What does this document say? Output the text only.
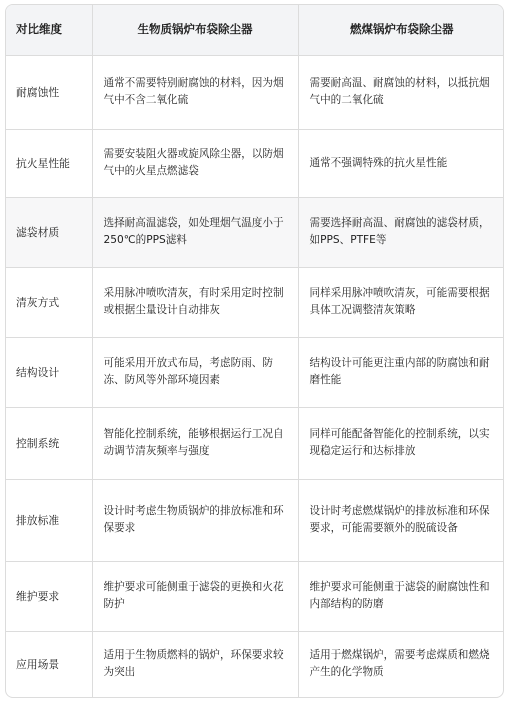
对比维度	生物质锅炉布袋除尘器	燃煤锅炉布袋除尘器
耐腐蚀性	通常不需要特别耐腐蚀的材料，因为烟气中不含二氧化硫	需要耐高温、耐腐蚀的材料，以抵抗烟气中的二氧化硫
抗火星性能	需要安装阻火器或旋风除尘器，以防烟气中的火星点燃滤袋	通常不强调特殊的抗火星性能
滤袋材质	选择耐高温滤袋，如处理烟气温度小于250℃的PPS滤料	需要选择耐高温、耐腐蚀的滤袋材质，如PPS、PTFE等
清灰方式	采用脉冲喷吹清灰，有时采用定时控制或根据尘量设计自动排灰	同样采用脉冲喷吹清灰，可能需要根据具体工况调整清灰策略
结构设计	可能采用开放式布局，考虑防雨、防冻、防风等外部环境因素	结构设计可能更注重内部的防腐蚀和耐磨性能
控制系统	智能化控制系统，能够根据运行工况自动调节清灰频率与强度	同样可能配备智能化的控制系统，以实现稳定运行和达标排放
排放标准	设计时考虑生物质锅炉的排放标准和环保要求	设计时考虑燃煤锅炉的排放标准和环保要求，可能需要额外的脱硫设备
维护要求	维护要求可能侧重于滤袋的更换和火花防护	维护要求可能侧重于滤袋的耐腐蚀性和内部结构的防磨
应用场景	适用于生物质燃料的锅炉，环保要求较为突出	适用于燃煤锅炉，需要考虑煤质和燃烧产生的化学物质
